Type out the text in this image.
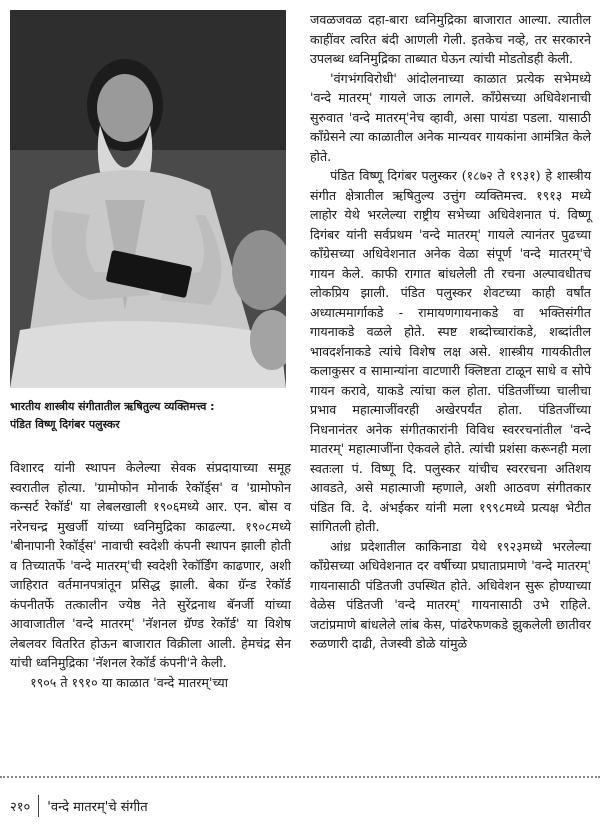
भारतीय शास्त्रीय संगीतातील ऋषितुल्य व्यक्तिमत्त्व :
पंडित विष्णू दिगंबर पलुस्कर

जवळजवळ दहा-बारा ध्वनिमुद्रिका बाजारात आल्या. त्यातील काहींवर त्वरित बंदी आणली गेली. इतकेच नव्हे, तर सरकारने उपलब्ध ध्वनिमुद्रिका ताब्यात घेऊन त्यांची मोडतोडही केली.

'वंगभंगविरोधी' आंदोलनाच्या काळात प्रत्येक सभेमध्ये 'वन्दे मातरम्' गायले जाऊ लागले. काँग्रेसच्या अधिवेशनाची सुरुवात 'वन्दे मातरम्'नेच व्हावी, असा पायंडा पडला. यासाठी काँग्रेसने त्या काळातील अनेक मान्यवर गायकांना आमंत्रित केले होते.

पंडित विष्णू दिगंबर पलुस्कर (१८७२ ते १९३१) हे शास्त्रीय संगीत क्षेत्रातील ऋषितुल्य उत्तुंग व्यक्तिमत्त्व. १९१३ मध्ये लाहोर येथे भरलेल्या राष्ट्रीय सभेच्या अधिवेशनात पं. विष्णू दिगंबर यांनी सर्वप्रथम 'वन्दे मातरम्' गायले त्यानंतर पुढच्या काँग्रेसच्या अधिवेशनात अनेक वेळा संपूर्ण 'वन्दे मातरम्'चे गायन केले. काफी रागात बांधलेली ती रचना अल्पावधीतच लोकप्रिय झाली. पंडित पलुस्कर शेवटच्या काही वर्षांत अध्यात्ममार्गाकडे - रामायणगायनाकडे वा भक्तिसंगीत गायनाकडे वळले होते. स्पष्ट शब्दोच्चारांकडे, शब्दांतील भावदर्शनाकडे त्यांचे विशेष लक्ष असे. शास्त्रीय गायकीतील कलाकुसर व सामान्यांना वाटणारी क्लिष्टता टाळून साधे व सोपे गायन करावे, याकडे त्यांचा कल होता. पंडितजींच्या चालीचा प्रभाव महात्माजींवरही अखेरपर्यंत होता. पंडितजींच्या निधनानंतर अनेक संगीतकारांनी विविध स्वररचनांतील 'वन्दे मातरम्' महात्माजींना ऐकवले होते. त्यांची प्रशंसा करूनही मला स्वतःला पं. विष्णू दि. पलुस्कर यांचीच स्वररचना अतिशय आवडते, असे महात्माजी म्हणाले, अशी आठवण संगीतकार पंडित वि. दे. अंभईकर यांनी मला १९९८मध्ये प्रत्यक्ष भेटीत सांगितली होती.

आंध्र प्रदेशातील काकिनाडा येथे १९२३मध्ये भरलेल्या काँग्रेसच्या अधिवेशनात दर वर्षीच्या प्रघाताप्रमाणे 'वन्दे मातरम्' गायनासाठी पंडितजी उपस्थित होते. अधिवेशन सुरू होण्याच्या वेळेस पंडितजी 'वन्दे मातरम्' गायनासाठी उभे राहिले. जटांप्रमाणे बांधलेले लांब केस, पांढरेफणकडे झुकलेली छातीवर रुळणारी दाढी, तेजस्वी डोळे यांमुळे

विशारद यांनी स्थापन केलेल्या सेवक संप्रदायाच्या समूह स्वरातील होत्या. 'ग्रामोफोन मोनार्क रेकॉर्ड्स' व 'ग्रामोफोन कन्सर्ट रेकॉर्ड' या लेबलखाली १९०६मध्ये आर. एन. बोस व नरेनचन्द्र मुखर्जी यांच्या ध्वनिमुद्रिका काढल्या. १९०८मध्ये 'बीनापानी रेकॉर्ड्स' नावाची स्वदेशी कंपनी स्थापन झाली होती व तिच्यातर्फे 'वन्दे मातरम्'ची स्वदेशी रेकॉर्डिंग काढणार, अशी जाहिरात वर्तमानपत्रांतून प्रसिद्ध झाली. बेका ग्रॅन्ड रेकॉर्ड कंपनीतर्फे तत्कालीन ज्येष्ठ नेते सुरेंद्रनाथ बॅनर्जी यांच्या आवाजातील 'वन्दे मातरम्' 'नॅशनल ग्रॅण्ड रेकॉर्ड' या विशेष लेबलवर वितरित होऊन बाजारात विक्रीला आली. हेमचंद्र सेन यांची ध्वनिमुद्रिका 'नॅशनल रेकॉर्ड कंपनी'ने केली.

१९०५ ते १९१० या काळात 'वन्दे मातरम्'च्या

२१० 'वन्दे मातरम्'चे संगीत
